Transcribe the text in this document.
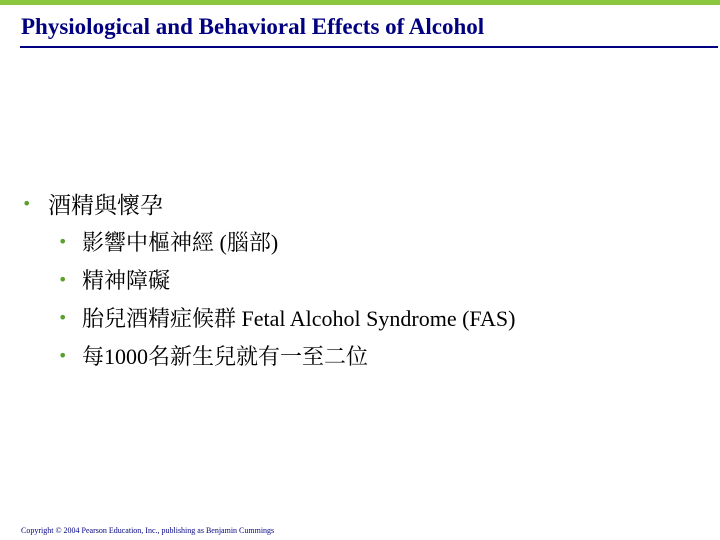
Physiological and Behavioral Effects of Alcohol
• 酒精與懷孕
• 影響中樞神經 (腦部)
• 精神障礙
• 胎兒酒精症候群 Fetal Alcohol Syndrome (FAS)
• 每1000名新生兒就有一至二位
Copyright © 2004 Pearson Education, Inc., publishing as Benjamin Cummings
